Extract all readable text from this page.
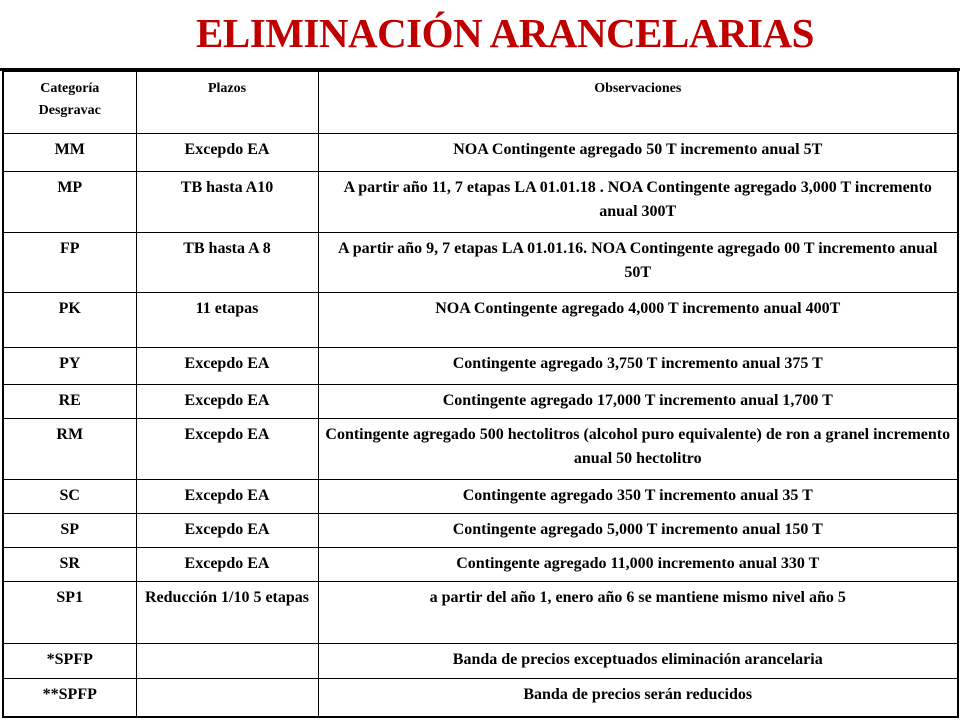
ELIMINACIÓN ARANCELARIAS
Categoría
Desgravac	Plazos	Observaciones
MM	Excepdo EA	NOA Contingente agregado 50 T incremento anual 5T
MP	TB hasta A10	A partir año 11, 7 etapas LA 01.01.18 . NOA Contingente agregado 3,000 T incremento anual 300T
FP	TB hasta A 8	A partir año 9, 7 etapas LA 01.01.16. NOA Contingente agregado 00 T incremento anual 50T
PK	11 etapas	NOA Contingente agregado 4,000 T incremento anual 400T
PY	Excepdo EA	Contingente agregado 3,750 T incremento anual 375 T
RE	Excepdo EA	Contingente agregado 17,000 T incremento anual 1,700 T
RM	Excepdo EA	Contingente agregado 500 hectolitros (alcohol puro equivalente) de ron a granel incremento anual 50 hectolitro
SC	Excepdo EA	Contingente agregado 350 T incremento anual 35 T
SP	Excepdo EA	Contingente agregado 5,000 T incremento anual 150 T
SR	Excepdo EA	Contingente agregado 11,000 incremento anual 330 T
SP1	Reducción 1/10 5 etapas	a partir del año 1, enero año 6 se mantiene mismo nivel año 5
*SPFP		Banda de precios exceptuados eliminación arancelaria
**SPFP		Banda de precios serán reducidos
